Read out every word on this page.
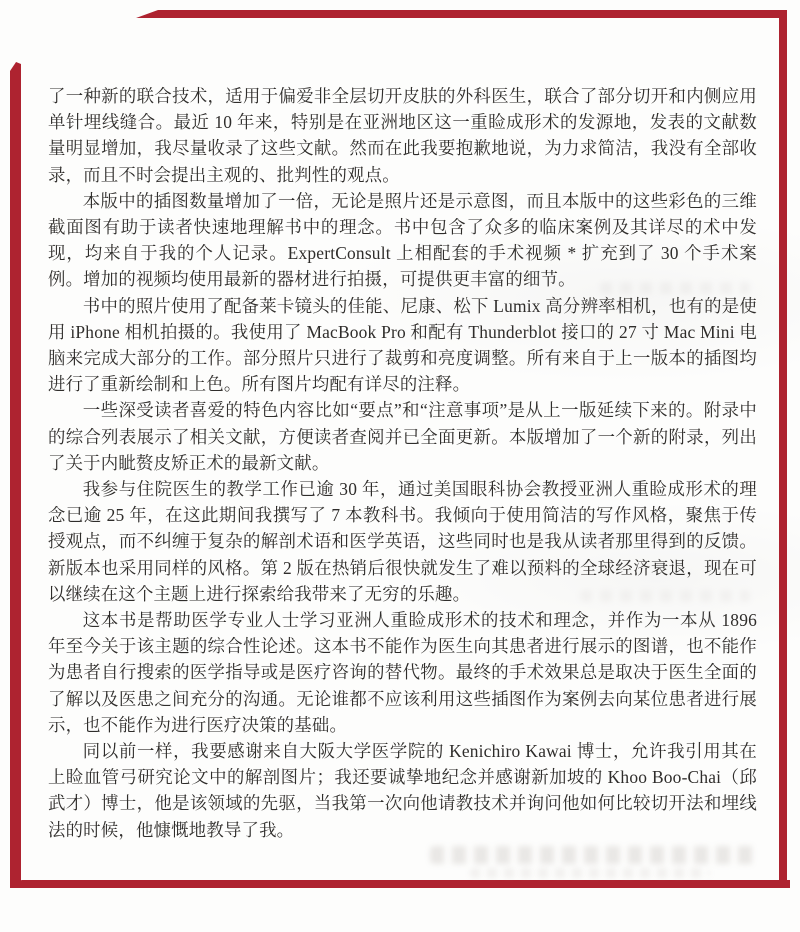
了一种新的联合技术，适用于偏爱非全层切开皮肤的外科医生，联合了部分切开和内侧应用单针埋线缝合。最近 10 年来，特别是在亚洲地区这一重睑成形术的发源地，发表的文献数量明显增加，我尽量收录了这些文献。然而在此我要抱歉地说，为力求简洁，我没有全部收录，而且不时会提出主观的、批判性的观点。

本版中的插图数量增加了一倍，无论是照片还是示意图，而且本版中的这些彩色的三维截面图有助于读者快速地理解书中的理念。书中包含了众多的临床案例及其详尽的术中发现，均来自于我的个人记录。ExpertConsult 上相配套的手术视频 * 扩充到了 30 个手术案例。增加的视频均使用最新的器材进行拍摄，可提供更丰富的细节。

书中的照片使用了配备莱卡镜头的佳能、尼康、松下 Lumix 高分辨率相机，也有的是使用 iPhone 相机拍摄的。我使用了 MacBook Pro 和配有 Thunderblot 接口的 27 寸 Mac Mini 电脑来完成大部分的工作。部分照片只进行了裁剪和亮度调整。所有来自于上一版本的插图均进行了重新绘制和上色。所有图片均配有详尽的注释。

一些深受读者喜爱的特色内容比如“要点”和“注意事项”是从上一版延续下来的。附录中的综合列表展示了相关文献，方便读者查阅并已全面更新。本版增加了一个新的附录，列出了关于内眦赘皮矫正术的最新文献。

我参与住院医生的教学工作已逾 30 年，通过美国眼科协会教授亚洲人重睑成形术的理念已逾 25 年，在这此期间我撰写了 7 本教科书。我倾向于使用简洁的写作风格，聚焦于传授观点，而不纠缠于复杂的解剖术语和医学英语，这些同时也是我从读者那里得到的反馈。新版本也采用同样的风格。第 2 版在热销后很快就发生了难以预料的全球经济衰退，现在可以继续在这个主题上进行探索给我带来了无穷的乐趣。

这本书是帮助医学专业人士学习亚洲人重睑成形术的技术和理念，并作为一本从 1896 年至今关于该主题的综合性论述。这本书不能作为医生向其患者进行展示的图谱，也不能作为患者自行搜索的医学指导或是医疗咨询的替代物。最终的手术效果总是取决于医生全面的了解以及医患之间充分的沟通。无论谁都不应该利用这些插图作为案例去向某位患者进行展示，也不能作为进行医疗决策的基础。

同以前一样，我要感谢来自大阪大学医学院的 Kenichiro Kawai 博士，允许我引用其在上睑血管弓研究论文中的解剖图片；我还要诚挚地纪念并感谢新加坡的 Khoo Boo-Chai（邱武才）博士，他是该领域的先驱，当我第一次向他请教技术并询问他如何比较切开法和埋线法的时候，他慷慨地教导了我。
